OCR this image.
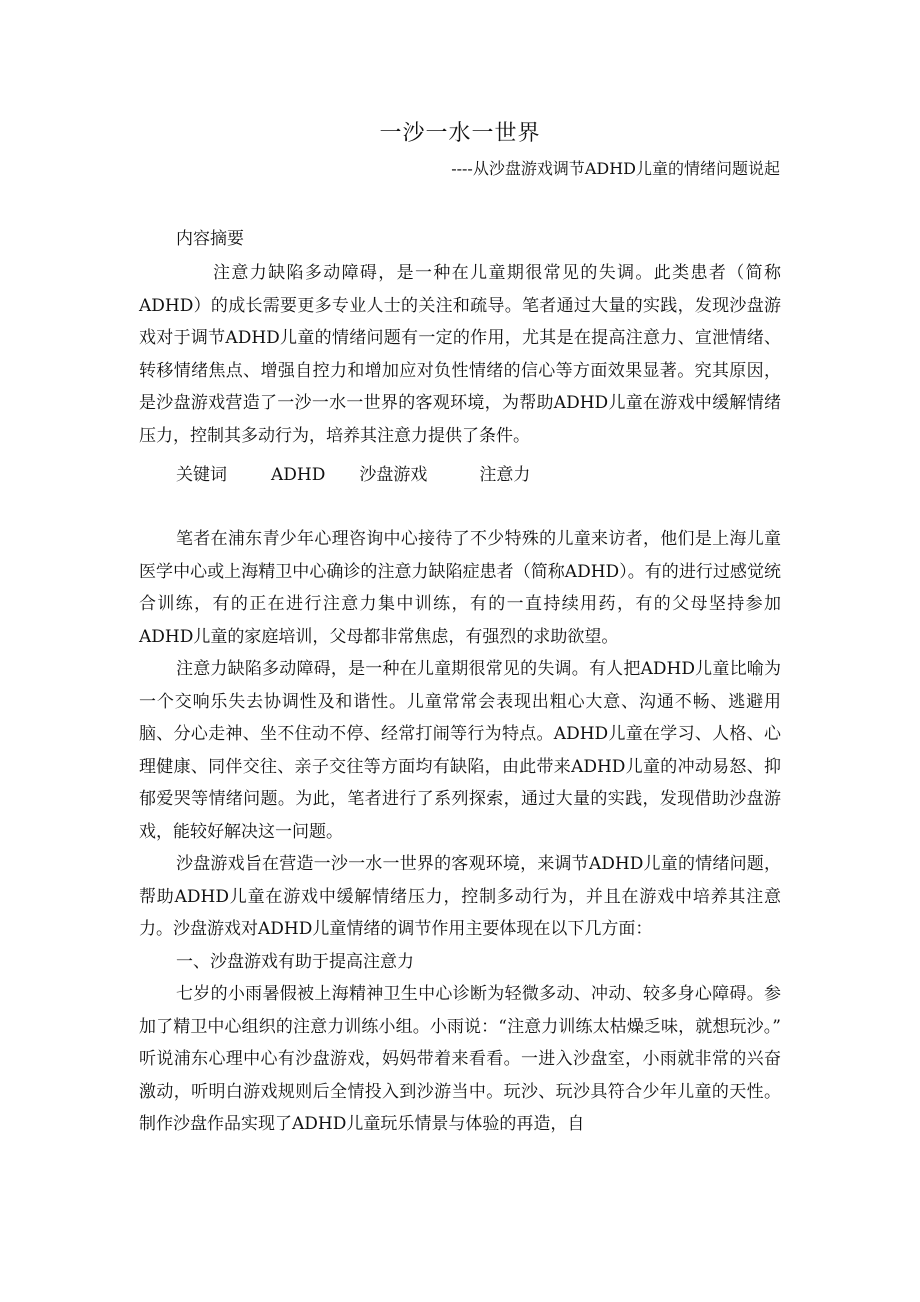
一沙一水一世界
----从沙盘游戏调节ADHD儿童的情绪问题说起
内容摘要

注意力缺陷多动障碍，是一种在儿童期很常见的失调。此类患者（简称ADHD）的成长需要更多专业人士的关注和疏导。笔者通过大量的实践，发现沙盘游戏对于调节ADHD儿童的情绪问题有一定的作用，尤其是在提高注意力、宣泄情绪、转移情绪焦点、增强自控力和增加应对负性情绪的信心等方面效果显著。究其原因，是沙盘游戏营造了一沙一水一世界的客观环境，为帮助ADHD儿童在游戏中缓解情绪压力，控制其多动行为，培养其注意力提供了条件。

关键词	ADHD 沙盘游戏	注意力

笔者在浦东青少年心理咨询中心接待了不少特殊的儿童来访者，他们是上海儿童医学中心或上海精卫中心确诊的注意力缺陷症患者（简称ADHD）。有的进行过感觉统合训练，有的正在进行注意力集中训练，有的一直持续用药，有的父母坚持参加ADHD儿童的家庭培训，父母都非常焦虑，有强烈的求助欲望。

注意力缺陷多动障碍，是一种在儿童期很常见的失调。有人把ADHD儿童比喻为一个交响乐失去协调性及和谐性。儿童常常会表现出粗心大意、沟通不畅、逃避用脑、分心走神、坐不住动不停、经常打闹等行为特点。ADHD儿童在学习、人格、心理健康、同伴交往、亲子交往等方面均有缺陷，由此带来ADHD儿童的冲动易怒、抑郁爱哭等情绪问题。为此，笔者进行了系列探索，通过大量的实践，发现借助沙盘游戏，能较好解决这一问题。

沙盘游戏旨在营造一沙一水一世界的客观环境，来调节ADHD儿童的情绪问题，帮助ADHD儿童在游戏中缓解情绪压力，控制多动行为，并且在游戏中培养其注意力。沙盘游戏对ADHD儿童情绪的调节作用主要体现在以下几方面：

一、沙盘游戏有助于提高注意力

七岁的小雨暑假被上海精神卫生中心诊断为轻微多动、冲动、较多身心障碍。参加了精卫中心组织的注意力训练小组。小雨说：“注意力训练太枯燥乏味，就想玩沙。” 听说浦东心理中心有沙盘游戏，妈妈带着来看看。一进入沙盘室，小雨就非常的兴奋激动，听明白游戏规则后全情投入到沙游当中。玩沙、玩沙具符合少年儿童的天性。制作沙盘作品实现了ADHD儿童玩乐情景与体验的再造，自
